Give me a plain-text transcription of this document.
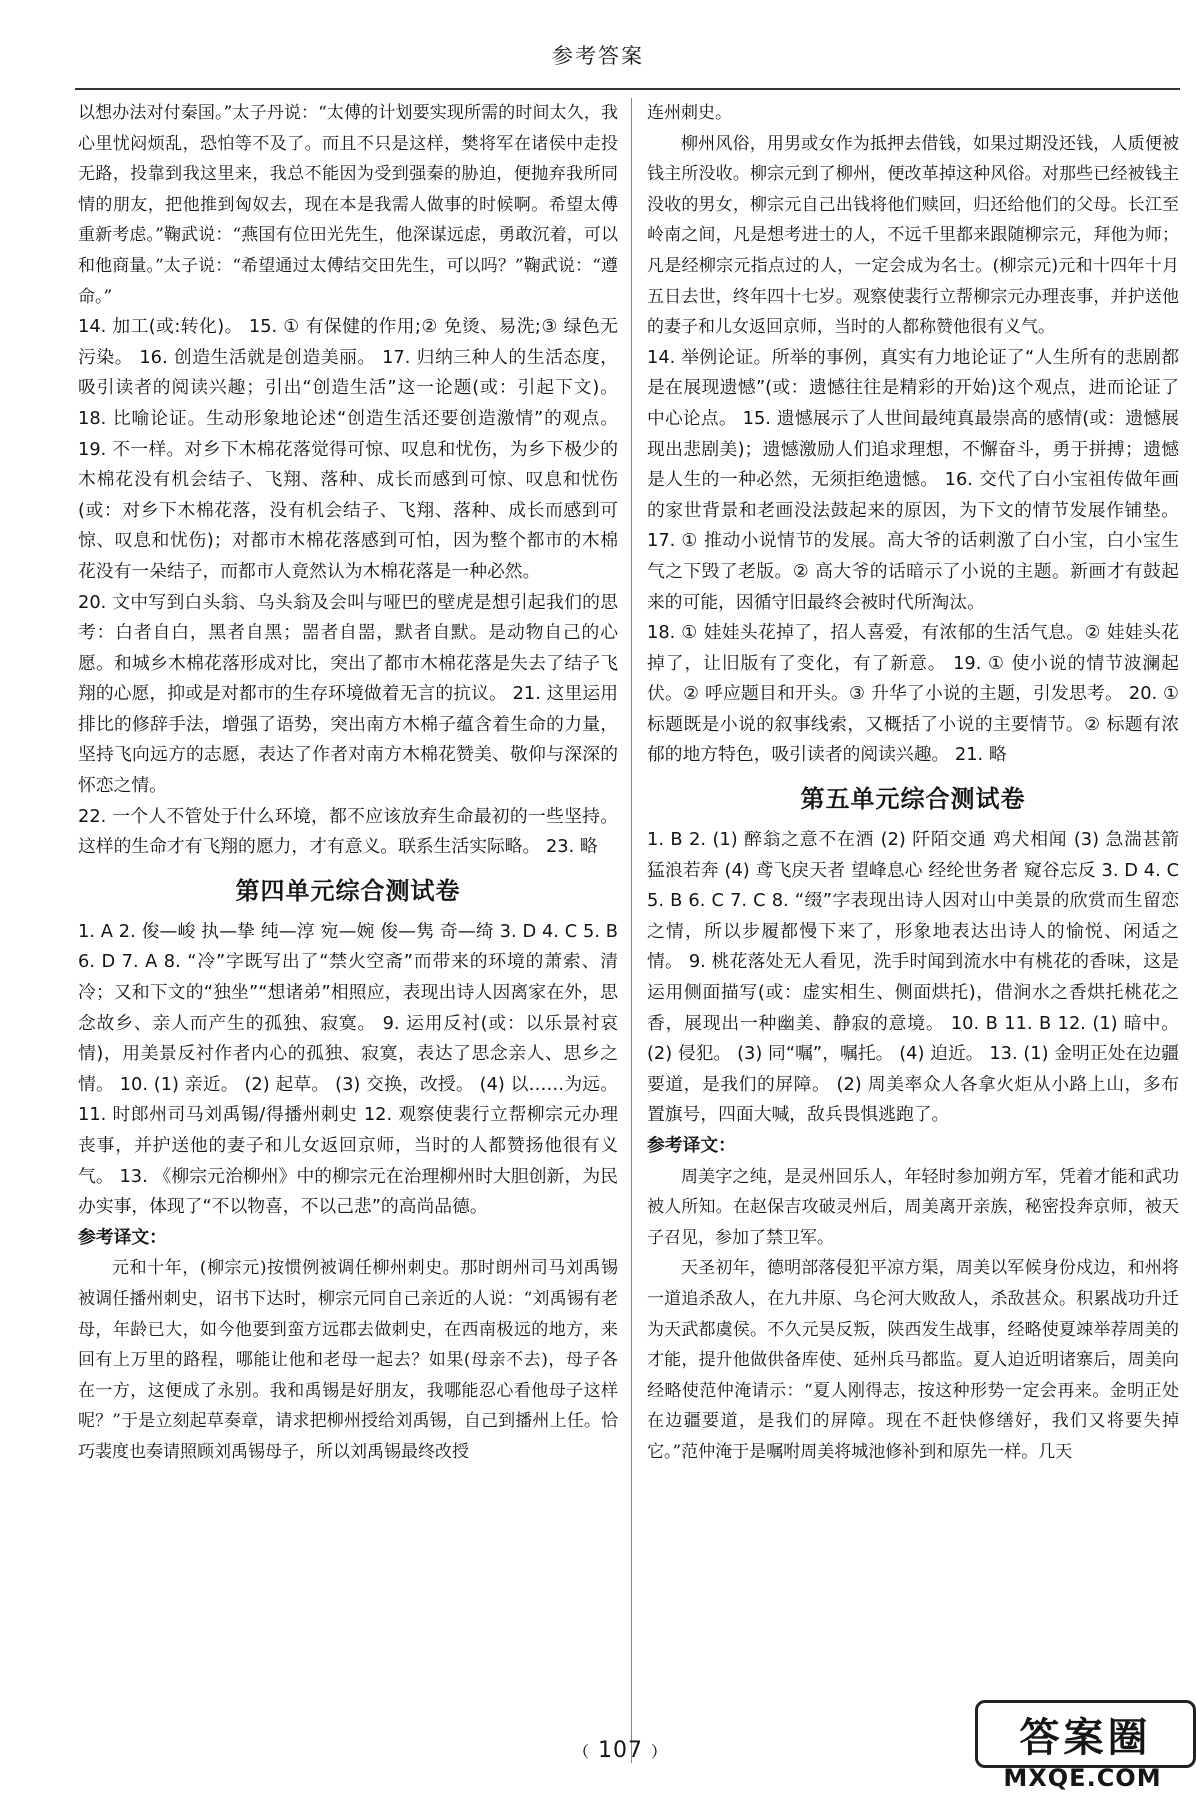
参考答案

以想办法对付秦国。”太子丹说：“太傅的计划要实现所需的时间太久，我心里忧闷烦乱，恐怕等不及了。而且不只是这样，樊将军在诸侯中走投无路，投靠到我这里来，我总不能因为受到强秦的胁迫，便抛弃我所同情的朋友，把他推到匈奴去，现在本是我需人做事的时候啊。希望太傅重新考虑。”鞠武说：“燕国有位田光先生，他深谋远虑，勇敢沉着，可以和他商量。”太子说：“希望通过太傅结交田先生，可以吗？”鞠武说：“遵命。”

14. 加工(或:转化)。 15. ① 有保健的作用;② 免烫、易洗;③ 绿色无污染。 16. 创造生活就是创造美丽。 17. 归纳三种人的生活态度，吸引读者的阅读兴趣；引出“创造生活”这一论题(或：引起下文)。 18. 比喻论证。生动形象地论述“创造生活还要创造激情”的观点。 19. 不一样。对乡下木棉花落觉得可惊、叹息和忧伤，为乡下极少的木棉花没有机会结子、飞翔、落种、成长而感到可惊、叹息和忧伤(或：对乡下木棉花落，没有机会结子、飞翔、落种、成长而感到可惊、叹息和忧伤)；对都市木棉花落感到可怕，因为整个都市的木棉花没有一朵结子，而都市人竟然认为木棉花落是一种必然。

20. 文中写到白头翁、乌头翁及会叫与哑巴的壁虎是想引起我们的思考：白者自白，黑者自黑；噐者自噐，默者自默。是动物自己的心愿。和城乡木棉花落形成对比，突出了都市木棉花落是失去了结子飞翔的心愿，抑或是对都市的生存环境做着无言的抗议。 21. 这里运用排比的修辞手法，增强了语势，突出南方木棉子蕴含着生命的力量，坚持飞向远方的志愿，表达了作者对南方木棉花赞美、敬仰与深深的怀恋之情。

22. 一个人不管处于什么环境，都不应该放弃生命最初的一些坚持。这样的生命才有飞翔的愿力，才有意义。联系生活实际略。 23. 略

第四单元综合测试卷

1. A 2. 俊—峻 执—挚 纯—淳 宛—婉 俊—隽 奇—绮 3. D 4. C 5. B 6. D 7. A 8. “冷”字既写出了“禁火空斋”而带来的环境的萧索、清冷；又和下文的“独坐”“想诸弟”相照应，表现出诗人因离家在外，思念故乡、亲人而产生的孤独、寂寞。 9. 运用反衬(或：以乐景衬哀情)，用美景反衬作者内心的孤独、寂寞，表达了思念亲人、思乡之情。 10. (1) 亲近。 (2) 起草。 (3) 交换，改授。 (4) 以……为远。 11. 时郎州司马刘禹锡/得播州刺史 12. 观察使裴行立帮柳宗元办理丧事，并护送他的妻子和儿女返回京师，当时的人都赞扬他很有义气。 13. 《柳宗元治柳州》中的柳宗元在治理柳州时大胆创新，为民办实事，体现了“不以物喜，不以己悲”的高尚品德。

参考译文：

元和十年，(柳宗元)按惯例被调任柳州刺史。那时朗州司马刘禹锡被调任播州刺史，诏书下达时，柳宗元同自己亲近的人说：“刘禹锡有老母，年龄已大，如今他要到蛮方远郡去做刺史，在西南极远的地方，来回有上万里的路程，哪能让他和老母一起去？如果(母亲不去)，母子各在一方，这便成了永别。我和禹锡是好朋友，我哪能忍心看他母子这样呢？”于是立刻起草奏章，请求把柳州授给刘禹锡，自己到播州上任。恰巧裴度也奏请照顾刘禹锡母子，所以刘禹锡最终改授

连州刺史。

柳州风俗，用男或女作为抵押去借钱，如果过期没还钱，人质便被钱主所没收。柳宗元到了柳州，便改革掉这种风俗。对那些已经被钱主没收的男女，柳宗元自己出钱将他们赎回，归还给他们的父母。长江至岭南之间，凡是想考进士的人，不远千里都来跟随柳宗元，拜他为师；凡是经柳宗元指点过的人，一定会成为名士。(柳宗元)元和十四年十月五日去世，终年四十七岁。观察使裴行立帮柳宗元办理丧事，并护送他的妻子和儿女返回京师，当时的人都称赞他很有义气。

14. 举例论证。所举的事例，真实有力地论证了“人生所有的悲剧都是在展现遗憾”(或：遗憾往往是精彩的开始)这个观点，进而论证了中心论点。 15. 遗憾展示了人世间最纯真最崇高的感情(或：遗憾展现出悲剧美)；遗憾激励人们追求理想，不懈奋斗，勇于拼搏；遗憾是人生的一种必然，无须拒绝遗憾。 16. 交代了白小宝祖传做年画的家世背景和老画没法鼓起来的原因，为下文的情节发展作铺垫。 17. ① 推动小说情节的发展。高大爷的话刺激了白小宝，白小宝生气之下毁了老版。② 高大爷的话暗示了小说的主题。新画才有鼓起来的可能，因循守旧最终会被时代所淘汰。

18. ① 娃娃头花掉了，招人喜爱，有浓郁的生活气息。② 娃娃头花掉了，让旧版有了变化，有了新意。 19. ① 使小说的情节波澜起伏。② 呼应题目和开头。③ 升华了小说的主题，引发思考。 20. ① 标题既是小说的叙事线索，又概括了小说的主要情节。② 标题有浓郁的地方特色，吸引读者的阅读兴趣。 21. 略

第五单元综合测试卷

1. B 2. (1) 醉翁之意不在酒 (2) 阡陌交通 鸡犬相闻 (3) 急湍甚箭 猛浪若奔 (4) 鸢飞戾天者 望峰息心 经纶世务者 窥谷忘反 3. D 4. C 5. B 6. C 7. C 8. “缀”字表现出诗人因对山中美景的欣赏而生留恋之情，所以步履都慢下来了，形象地表达出诗人的愉悦、闲适之情。 9. 桃花落处无人看见，洗手时闻到流水中有桃花的香味，这是运用侧面描写(或：虚实相生、侧面烘托)，借涧水之香烘托桃花之香，展现出一种幽美、静寂的意境。 10. B 11. B 12. (1) 暗中。 (2) 侵犯。 (3) 同“嘱”，嘱托。 (4) 迫近。 13. (1) 金明正处在边疆要道，是我们的屏障。 (2) 周美率众人各拿火炬从小路上山，多布置旗号，四面大喊，敌兵畏惧逃跑了。

参考译文：

周美字之纯，是灵州回乐人，年轻时参加朔方军，凭着才能和武功被人所知。在赵保吉攻破灵州后，周美离开亲族，秘密投奔京师，被天子召见，参加了禁卫军。

天圣初年，德明部落侵犯平凉方渠，周美以军候身份戍边，和州将一道追杀敌人，在九井原、乌仑河大败敌人，杀敌甚众。积累战功升迁为天武都虞侯。不久元昊反叛，陕西发生战事，经略使夏竦举荐周美的才能，提升他做供备库使、延州兵马都监。夏人迫近明诸寨后，周美向经略使范仲淹请示：“夏人刚得志，按这种形势一定会再来。金明正处在边疆要道，是我们的屏障。现在不赶快修缮好，我们又将要失掉它。”范仲淹于是嘱咐周美将城池修补到和原先一样。几天

﹙107﹚	答案圈
MXQE.COM
